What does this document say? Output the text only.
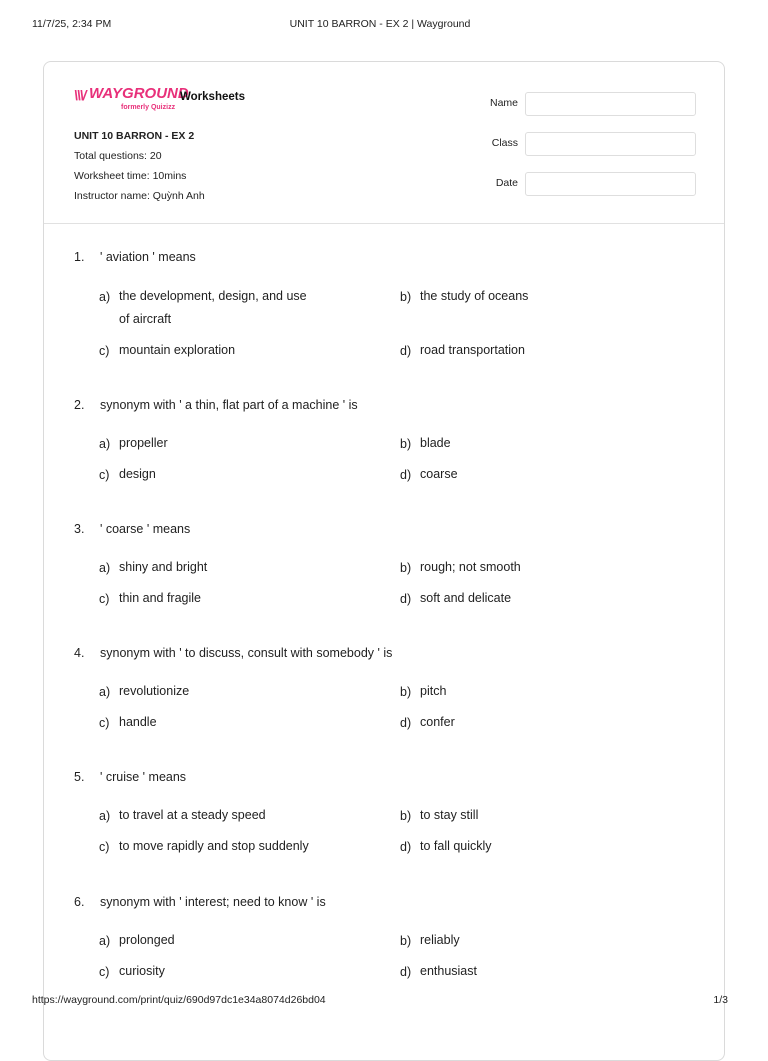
11/7/25, 2:34 PM	UNIT 10 BARRON - EX 2 | Wayground
\\\/ WAYGROUND
formerly Quizizz
Worksheets
UNIT 10 BARRON - EX 2
Total questions: 20
Worksheet time: 10mins
Instructor name: Quỳnh Anh
Name
Class
Date
1.	' aviation ' means
a) the development, design, and use
of aircraft
b) the study of oceans
c) mountain exploration	d) road transportation
2.	synonym with ' a thin, flat part of a machine ' is
a) propeller	b) blade
c) design	d) coarse
3.	' coarse ' means
a) shiny and bright	b) rough; not smooth
c) thin and fragile	d) soft and delicate
4.	synonym with ' to discuss, consult with somebody ' is
a) revolutionize	b) pitch
c) handle	d) confer
5.	' cruise ' means
a) to travel at a steady speed	b) to stay still
c) to move rapidly and stop suddenly	d) to fall quickly
6.	synonym with ' interest; need to know ' is
a) prolonged	b) reliably
c) curiosity	d) enthusiast
https://wayground.com/print/quiz/690d97dc1e34a8074d26bd04	1/3
